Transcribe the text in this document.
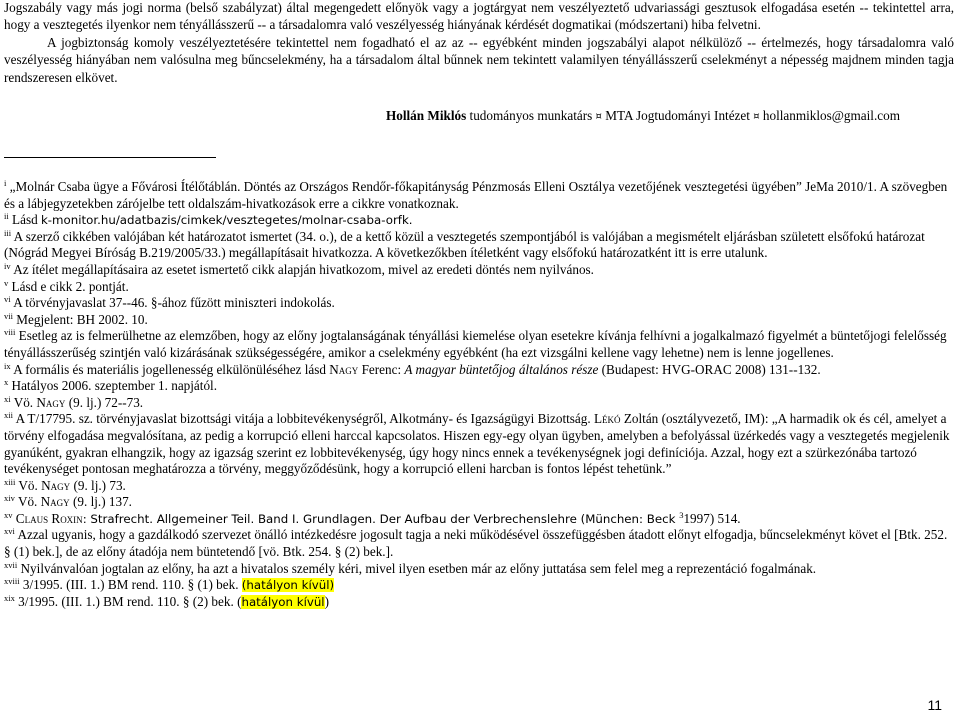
Jogszabály vagy más jogi norma (belső szabályzat) által megengedett előnyök vagy a jogtárgyat nem veszélyeztető udvariassági gesztusok elfogadása esetén -- tekintettel arra, hogy a vesztegetés ilyenkor nem tényállásszerű -- a társadalomra való veszélyesség hiányának kérdését dogmatikai (módszertani) hiba felvetni.

A jogbiztonság komoly veszélyeztetésére tekintettel nem fogadható el az az -- egyébként minden jogszabályi alapot nélkülöző -- értelmezés, hogy társadalomra való veszélyesség hiányában nem valósulna meg bűncselekmény, ha a társadalom által bűnnek nem tekintett valamilyen tényállásszerű cselekményt a népesség majdnem minden tagja rendszeresen elkövet.

Hollán Miklós tudományos munkatárs ¤ MTA Jogtudományi Intézet ¤ hollanmiklos@gmail.com

$^i$ „Molnár Csaba ügye a Fővárosi Ítélőtáblán. Döntés az Országos Rendőr-főkapitányság Pénzmosás Elleni Osztálya vezetőjének vesztegetési ügyében” JeMa 2010/1. A szövegben és a lábjegyzetekben zárójelbe tett oldalszám-hivatkozások erre a cikkre vonatkoznak.

$^{ii}$ Lásd k-monitor.hu/adatbazis/cimkek/vesztegetes/molnar-csaba-orfk.

$^{iii}$ A szerző cikkében valójában két határozatot ismertet (34. o.), de a kettő közül a vesztegetés szempontjából is valójában a megismételt eljárásban született elsőfokú határozat (Nógrád Megyei Bíróság B.219/2005/33.) megállapításait hivatkozza. A következőkben ítéletként vagy elsőfokú határozatként itt is erre utalunk.

$^{iv}$ Az ítélet megállapításaira az esetet ismertető cikk alapján hivatkozom, mivel az eredeti döntés nem nyilvános.

$^v$ Lásd e cikk 2. pontját.

$^{vi}$ A törvényjavaslat 37--46. §-ához fűzött miniszteri indokolás.

$^{vii}$ Megjelent: BH 2002. 10.

$^{viii}$ Esetleg az is felmerülhetne az elemzőben, hogy az előny jogtalanságának tényállási kiemelése olyan esetekre kívánja felhívni a jogalkalmazó figyelmét a büntetőjogi felelősség tényállásszerűség szintjén való kizárásának szükségességére, amikor a cselekmény egyébként (ha ezt vizsgálni kellene vagy lehetne) nem is lenne jogellenes.

$^{ix}$ A formális és materiális jogellenesség elkülönüléséhez lásd Nagy Ferenc: A magyar büntetőjog általános része (Budapest: HVG-ORAC 2008) 131--132.

$^x$ Hatályos 2006. szeptember 1. napjától.

$^{xi}$ Vö. Nagy (9. lj.) 72--73.

$^{xii}$ A T/17795. sz. törvényjavaslat bizottsági vitája a lobbitevékenységről, Alkotmány- és Igazságügyi Bizottság. Lékó Zoltán (osztályvezető, IM): „A harmadik ok és cél, amelyet a törvény elfogadása megvalósítana, az pedig a korrupció elleni harccal kapcsolatos. Hiszen egy-egy olyan ügyben, amelyben a befolyással üzérkedés vagy a vesztegetés megjelenik gyanúként, gyakran elhangzik, hogy az igazság szerint ez lobbitevékenység, úgy hogy nincs ennek a tevékenységnek jogi definíciója. Azzal, hogy ezt a szürkezónába tartozó tevékenységet pontosan meghatározza a törvény, meggyőződésünk, hogy a korrupció elleni harcban is fontos lépést tehetünk.”

$^{xiii}$ Vö. Nagy (9. lj.) 73.

$^{xiv}$ Vö. Nagy (9. lj.) 137.

$^{xv}$ Claus Roxin: Strafrecht. Allgemeiner Teil. Band I. Grundlagen. Der Aufbau der Verbrechenslehre (München: Beck $^3$1997) 514.

$^{xvi}$ Azzal ugyanis, hogy a gazdálkodó szervezet önálló intézkedésre jogosult tagja a neki működésével összefüggésben átadott előnyt elfogadja, bűncselekményt követ el [Btk. 252. § (1) bek.], de az előny átadója nem büntetendő [vö. Btk. 254. § (2) bek.].

$^{xvii}$ Nyilvánvalóan jogtalan az előny, ha azt a hivatalos személy kéri, mivel ilyen esetben már az előny juttatása sem felel meg a reprezentáció fogalmának.

$^{xviii}$ 3/1995. (III. 1.) BM rend. 110. § (1) bek. (hatályon kívül)

$^{xix}$ 3/1995. (III. 1.) BM rend. 110. § (2) bek. (hatályon kívül)

11
